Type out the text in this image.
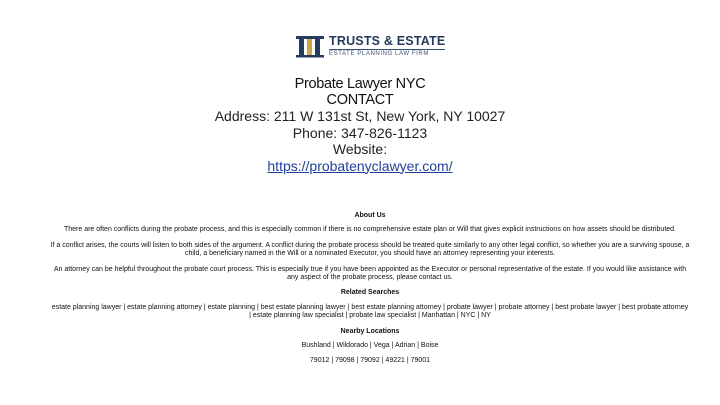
TRUSTS & ESTATE
ESTATE PLANNING LAW FIRM
Probate Lawyer NYC
CONTACT
Address: 211 W 131st St, New York, NY 10027
Phone: 347-826-1123
Website:
https://probatenyclawyer.com/
About Us

There are often conflicts during the probate process, and this is especially common if there is no comprehensive estate plan or Will that gives explicit instructions on how assets should be distributed.

If a conflict arises, the courts will listen to both sides of the argument. A conflict during the probate process should be treated quite similarly to any other legal conflict, so whether you are a surviving spouse, a child, a beneficiary named in the Will or a nominated Executor, you should have an attorney representing your interests.

An attorney can be helpful throughout the probate court process. This is especially true if you have been appointed as the Executor or personal representative of the estate. If you would like assistance with any aspect of the probate process, please contact us.

Related Searches

estate planning lawyer | estate planning attorney | estate planning | best estate planning lawyer | best estate planning attorney | probate lawyer | probate attorney | best probate lawyer | best probate attorney | estate planning law specialist | probate law specialist | Manhattan | NYC | NY

Nearby Locations

Bushland | Wildorado | Vega | Adrian | Boise

79012 | 79098 | 79092 | 49221 | 79001
